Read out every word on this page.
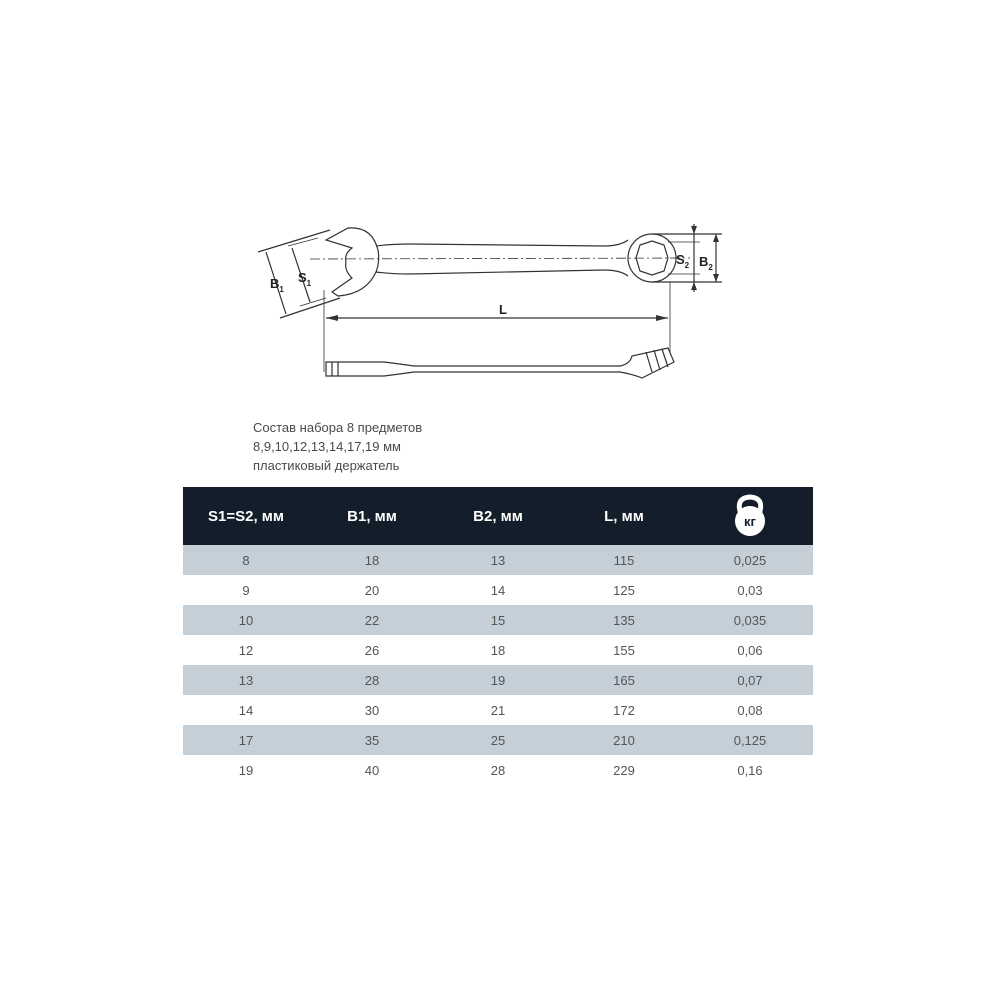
$B_1$
$S_1$
$S_2$ $B_2$
L
Состав набора 8 предметов
8,9,10,12,13,14,17,19 мм
пластиковый держатель
S1=S2, мм	B1, мм	B2, мм	L, мм	кг

8	18	13	115	0,025
9	20	14	125	0,03
10	22	15	135	0,035
12	26	18	155	0,06
13	28	19	165	0,07
14	30	21	172	0,08
17	35	25	210	0,125
19	40	28	229	0,16
